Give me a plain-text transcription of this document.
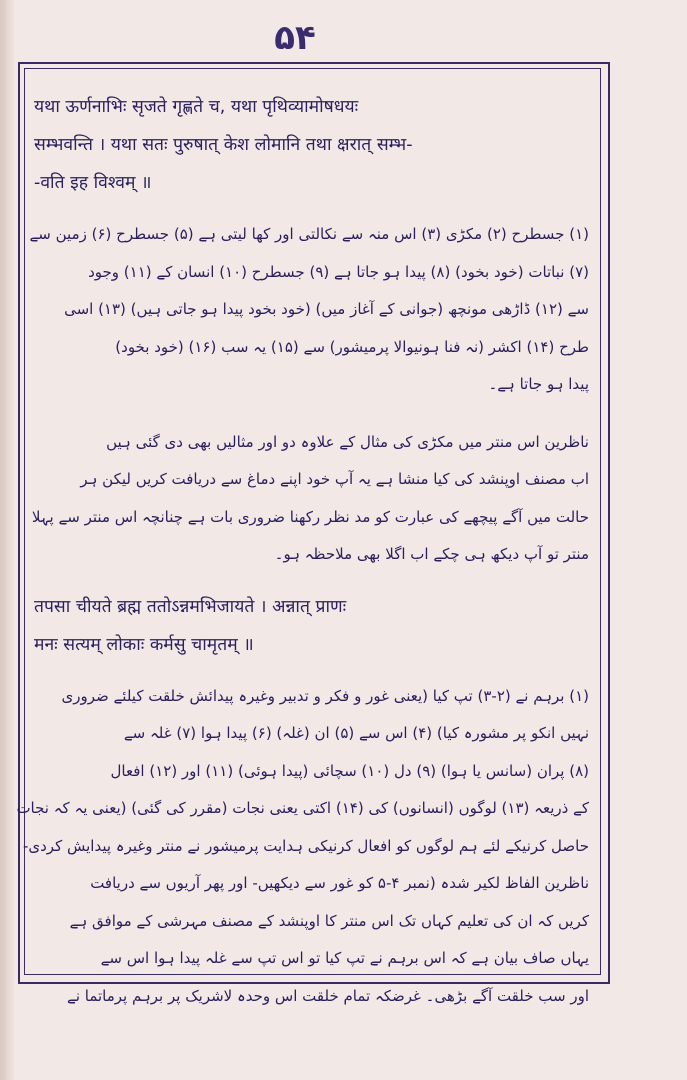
۵۴
यथा ऊर्णनाभिः सृजते गृह्णते च, यथा पृथिव्यामोषधयः
सम्भवन्ति । यथा सतः पुरुषात् केश लोमानि तथा क्षरात् सम्भ-
-वति इह विश्वम् ॥
(۱) جسطرح (۲) مکڑی (۳) اس منہ سے نکالتی اور کھا لیتی ہے (۵) جسطرح (۶) زمین سے
(۷) نباتات (خود بخود) (۸) پیدا ہو جاتا ہے (۹) جسطرح (۱۰) انسان کے (۱۱) وجود
سے (۱۲) ڈاڑھی مونچھ (جوانی کے آغاز میں) (خود بخود پیدا ہو جاتی ہیں) (۱۳) اسی
طرح (۱۴) اکشر (نہ فنا ہونیوالا پرمیشور) سے (۱۵) یہ سب (۱۶) (خود بخود)
پیدا ہو جاتا ہے۔
ناظرین اس منتر میں مکڑی کی مثال کے علاوہ دو اور مثالیں بھی دی گئی ہیں
اب مصنف اوپنشد کی کیا منشا ہے یہ آپ خود اپنے دماغ سے دریافت کریں لیکن ہر
حالت میں آگے پیچھے کی عبارت کو مد نظر رکھنا ضروری بات ہے چنانچہ اس منتر سے پہلا
منتر تو آپ دیکھ ہی چکے اب اگلا بھی ملاحظہ ہو۔
तपसा चीयते ब्रह्म ततोऽन्नमभिजायते । अन्नात् प्राणः
मनः सत्यम् लोकाः कर्मसु चामृतम् ॥
(۱) برہم نے (۲-۳) تپ کیا (یعنی غور و فکر و تدبیر وغیرہ پیدائش خلقت کیلئے ضروری
نہیں انکو پر مشورہ کیا) (۴) اس سے (۵) ان (غلہ) (۶) پیدا ہوا (۷) غلہ سے
(۸) پران (سانس یا ہوا) (۹) دل (۱۰) سچائی (پیدا ہوئی) (۱۱) اور (۱۲) افعال
کے ذریعہ (۱۳) لوگوں (انسانوں) کی (۱۴) اکتی یعنی نجات (مقرر کی گئی) (یعنی یہ کہ نجات
حاصل کرنیکے لئے ہم لوگوں کو افعال کرنیکی ہدایت پرمیشور نے منتر وغیرہ پیدایش کردی-
ناظرین الفاظ لکیر شدہ (نمبر ۴-۵ کو غور سے دیکھیں- اور پھر آریوں سے دریافت
کریں کہ ان کی تعلیم کہاں تک اس منتر کا اوپنشد کے مصنف مہرشی کے موافق ہے
یہاں صاف بیان ہے کہ اس برہم نے تپ کیا تو اس تپ سے غلہ پیدا ہوا اس سے
اور سب خلقت آگے بڑھی۔ غرضکہ تمام خلقت اس وحدہ لاشریک پر برہم پرماتما نے
